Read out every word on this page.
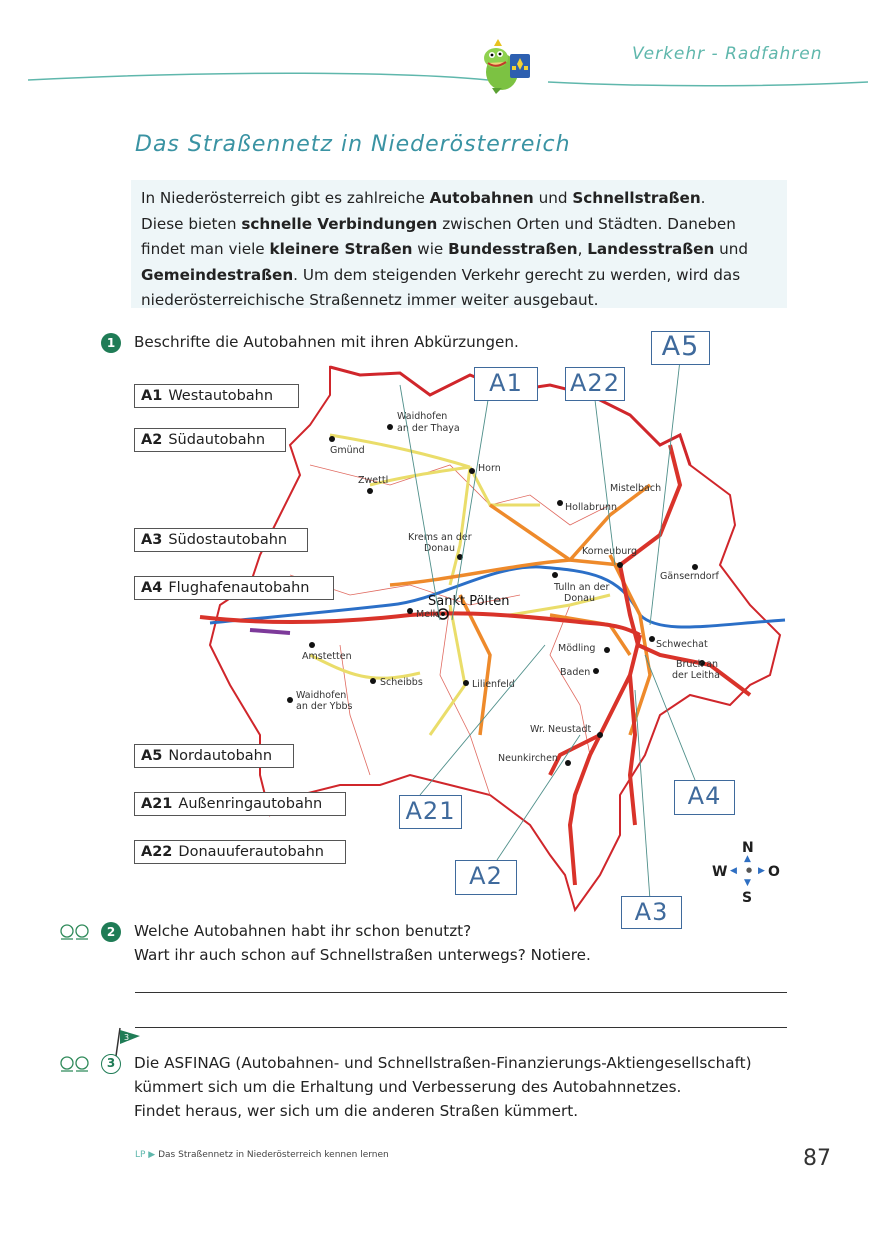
Verkehr - Radfahren
Das Straßennetz in Niederösterreich
In Niederösterreich gibt es zahlreiche Autobahnen und Schnellstraßen.
Diese bieten schnelle Verbindungen zwischen Orten und Städten. Daneben
findet man viele kleinere Straßen wie Bundesstraßen, Landesstraßen und
Gemeindestraßen. Um dem steigenden Verkehr gerecht zu werden, wird das
niederösterreichische Straßennetz immer weiter ausgebaut.
1	Beschrifte die Autobahnen mit ihren Abkürzungen.
Waidhofen
an der Thaya
Gmünd
Horn
Zwettl
Mistelbach
Hollabrunn
Krems an der
Donau	Korneuburg
Gänserndorf
Tulln an der
Donau
Sankt Pölten
Melk
Amstetten
Schwechat
Mödling
Bruck an
der Leitha
Scheibbs	Lilienfeld
Baden
Waidhofen
an der Ybbs
Wr. Neustadt
Neunkirchen
A5
A1	A22
A21
A2
A4
A3
A1 Westautobahn
A2 Südautobahn
A3 Südostautobahn
A4 Flughafenautobahn
A5 Nordautobahn
A21 Außenringautobahn
A22 Donauuferautobahn	N
▲
W ◀ ● ▶ O
▼
S
2	Welche Autobahnen habt ihr schon benutzt?
Wart ihr auch schon auf Schnellstraßen unterwegs? Notiere.
3
3	Die ASFINAG (Autobahnen- und Schnellstraßen-Finanzierungs-Aktiengesellschaft)
kümmert sich um die Erhaltung und Verbesserung des Autobahnnetzes.
Findet heraus, wer sich um die anderen Straßen kümmert.
LP ▶ Das Straßennetz in Niederösterreich kennen lernen	87
